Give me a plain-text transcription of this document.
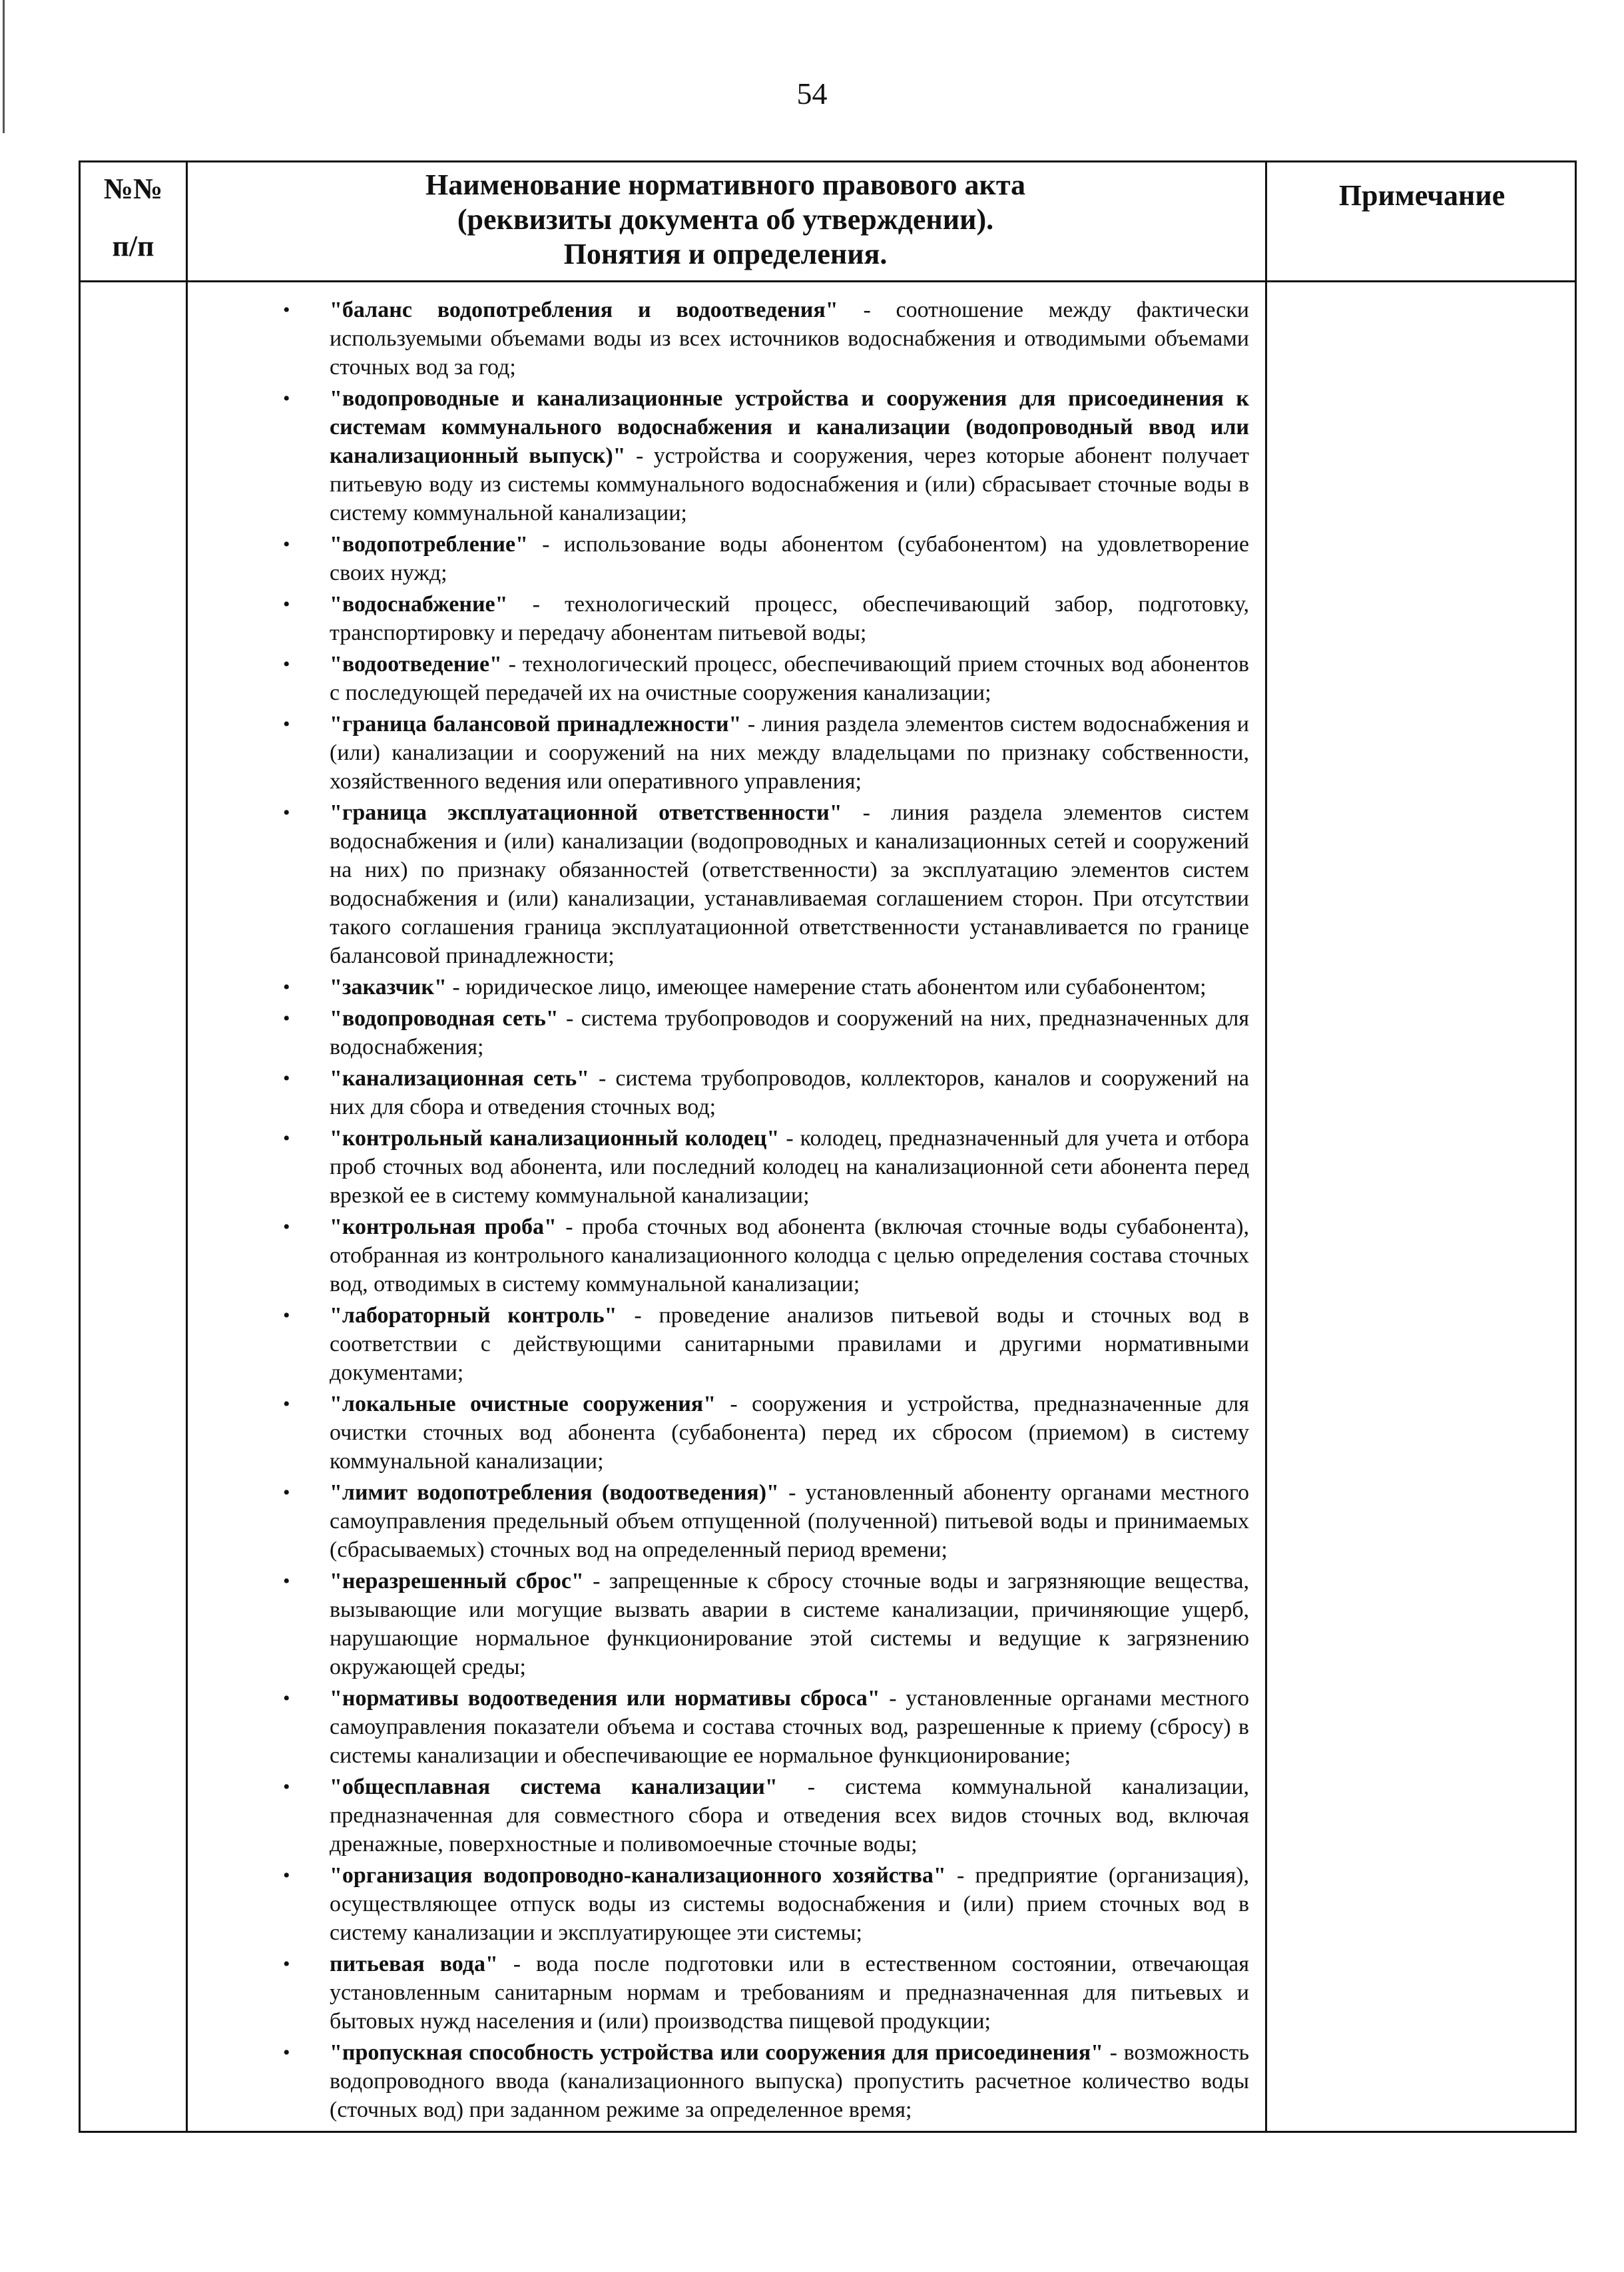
54
№№
п/п
Наименование нормативного правового акта
(реквизиты документа об утверждении).
Понятия и определения.
Примечание
• "баланс водопотребления и водоотведения" - соотношение между фактически используемыми объемами воды из всех источников водоснабжения и отводимыми объемами сточных вод за год;
• "водопроводные и канализационные устройства и сооружения для присоединения к системам коммунального водоснабжения и канализации (водопроводный ввод или канализационный выпуск)" - устройства и сооружения, через которые абонент получает питьевую воду из системы коммунального водоснабжения и (или) сбрасывает сточные воды в систему коммунальной канализации;
• "водопотребление" - использование воды абонентом (субабонентом) на удовлетворение своих нужд;
• "водоснабжение" - технологический процесс, обеспечивающий забор, подготовку, транспортировку и передачу абонентам питьевой воды;
• "водоотведение" - технологический процесс, обеспечивающий прием сточных вод абонентов с последующей передачей их на очистные сооружения канализации;
• "граница балансовой принадлежности" - линия раздела элементов систем водоснабжения и (или) канализации и сооружений на них между владельцами по признаку собственности, хозяйственного ведения или оперативного управления;
• "граница эксплуатационной ответственности" - линия раздела элементов систем водоснабжения и (или) канализации (водопроводных и канализационных сетей и сооружений на них) по признаку обязанностей (ответственности) за эксплуатацию элементов систем водоснабжения и (или) канализации, устанавливаемая соглашением сторон. При отсутствии такого соглашения граница эксплуатационной ответственности устанавливается по границе балансовой принадлежности;
• "заказчик" - юридическое лицо, имеющее намерение стать абонентом или субабонентом;
• "водопроводная сеть" - система трубопроводов и сооружений на них, предназначенных для водоснабжения;
• "канализационная сеть" - система трубопроводов, коллекторов, каналов и сооружений на них для сбора и отведения сточных вод;
• "контрольный канализационный колодец" - колодец, предназначенный для учета и отбора проб сточных вод абонента, или последний колодец на канализационной сети абонента перед врезкой ее в систему коммунальной канализации;
• "контрольная проба" - проба сточных вод абонента (включая сточные воды субабонента), отобранная из контрольного канализационного колодца с целью определения состава сточных вод, отводимых в систему коммунальной канализации;
• "лабораторный контроль" - проведение анализов питьевой воды и сточных вод в соответствии с действующими санитарными правилами и другими нормативными документами;
• "локальные очистные сооружения" - сооружения и устройства, предназначенные для очистки сточных вод абонента (субабонента) перед их сбросом (приемом) в систему коммунальной канализации;
• "лимит водопотребления (водоотведения)" - установленный абоненту органами местного самоуправления предельный объем отпущенной (полученной) питьевой воды и принимаемых (сбрасываемых) сточных вод на определенный период времени;
• "неразрешенный сброс" - запрещенные к сбросу сточные воды и загрязняющие вещества, вызывающие или могущие вызвать аварии в системе канализации, причиняющие ущерб, нарушающие нормальное функционирование этой системы и ведущие к загрязнению окружающей среды;
• "нормативы водоотведения или нормативы сброса" - установленные органами местного самоуправления показатели объема и состава сточных вод, разрешенные к приему (сбросу) в системы канализации и обеспечивающие ее нормальное функционирование;
• "общесплавная система канализации" - система коммунальной канализации, предназначенная для совместного сбора и отведения всех видов сточных вод, включая дренажные, поверхностные и поливомоечные сточные воды;
• "организация водопроводно-канализационного хозяйства" - предприятие (организация), осуществляющее отпуск воды из системы водоснабжения и (или) прием сточных вод в систему канализации и эксплуатирующее эти системы;
• питьевая вода" - вода после подготовки или в естественном состоянии, отвечающая установленным санитарным нормам и требованиям и предназначенная для питьевых и бытовых нужд населения и (или) производства пищевой продукции;
• "пропускная способность устройства или сооружения для присоединения" - возможность водопроводного ввода (канализационного выпуска) пропустить расчетное количество воды (сточных вод) при заданном режиме за определенное время;
